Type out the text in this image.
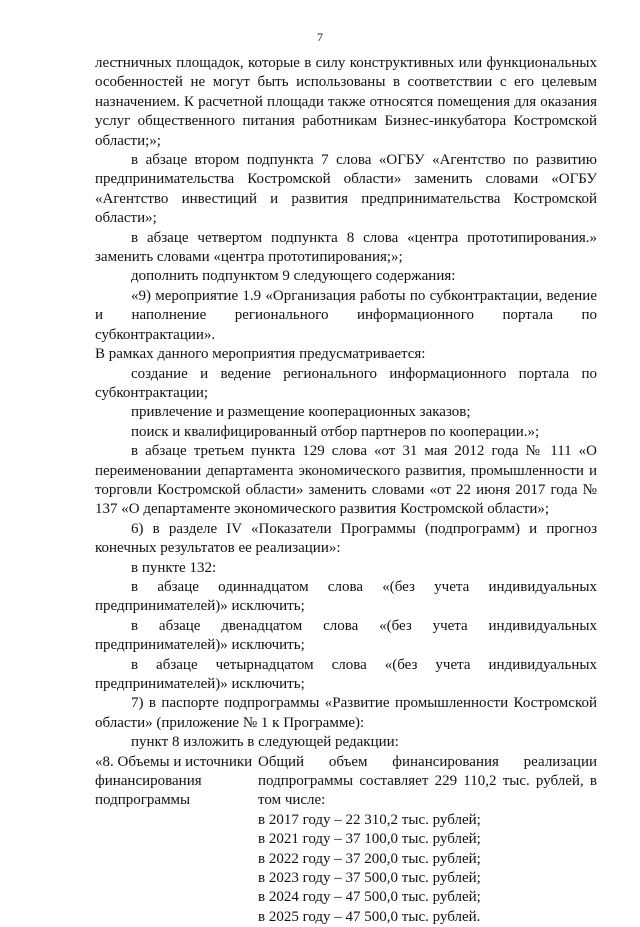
7

лестничных площадок, которые в силу конструктивных или функциональных особенностей не могут быть использованы в соответствии с его целевым назначением. К расчетной площади также относятся помещения для оказания услуг общественного питания работникам Бизнес-инкубатора Костромской области;»;

в абзаце втором подпункта 7 слова «ОГБУ «Агентство по развитию предпринимательства Костромской области» заменить словами «ОГБУ «Агентство инвестиций и развития предпринимательства Костромской области»;

в абзаце четвертом подпункта 8 слова «центра прототипирования.» заменить словами «центра прототипирования;»;

дополнить подпунктом 9 следующего содержания:

«9) мероприятие 1.9 «Организация работы по субконтрактации, ведение и наполнение регионального информационного портала по субконтрактации».

В рамках данного мероприятия предусматривается:

создание и ведение регионального информационного портала по субконтрактации;

привлечение и размещение кооперационных заказов;

поиск и квалифицированный отбор партнеров по кооперации.»;

в абзаце третьем пункта 129 слова «от 31 мая 2012 года № 111 «О переименовании департамента экономического развития, промышленности и торговли Костромской области» заменить словами «от 22 июня 2017 года № 137 «О департаменте экономического развития Костромской области»;

6) в разделе IV «Показатели Программы (подпрограмм) и прогноз конечных результатов ее реализации»:

в пункте 132:

в абзаце одиннадцатом слова «(без учета индивидуальных предпринимателей)» исключить;

в абзаце двенадцатом слова «(без учета индивидуальных предпринимателей)» исключить;

в абзаце четырнадцатом слова «(без учета индивидуальных предпринимателей)» исключить;

7) в паспорте подпрограммы «Развитие промышленности Костромской области» (приложение № 1 к Программе):

пункт 8 изложить в следующей редакции:

«8. Объемы и источники финансирования подпрограммы

Общий объем финансирования реализации подпрограммы составляет 229 110,2 тыс. рублей, в том числе:

в 2017 году – 22 310,2 тыс. рублей;
в 2021 году – 37 100,0 тыс. рублей;
в 2022 году – 37 200,0 тыс. рублей;
в 2023 году – 37 500,0 тыс. рублей;
в 2024 году – 47 500,0 тыс. рублей;
в 2025 году – 47 500,0 тыс. рублей.
